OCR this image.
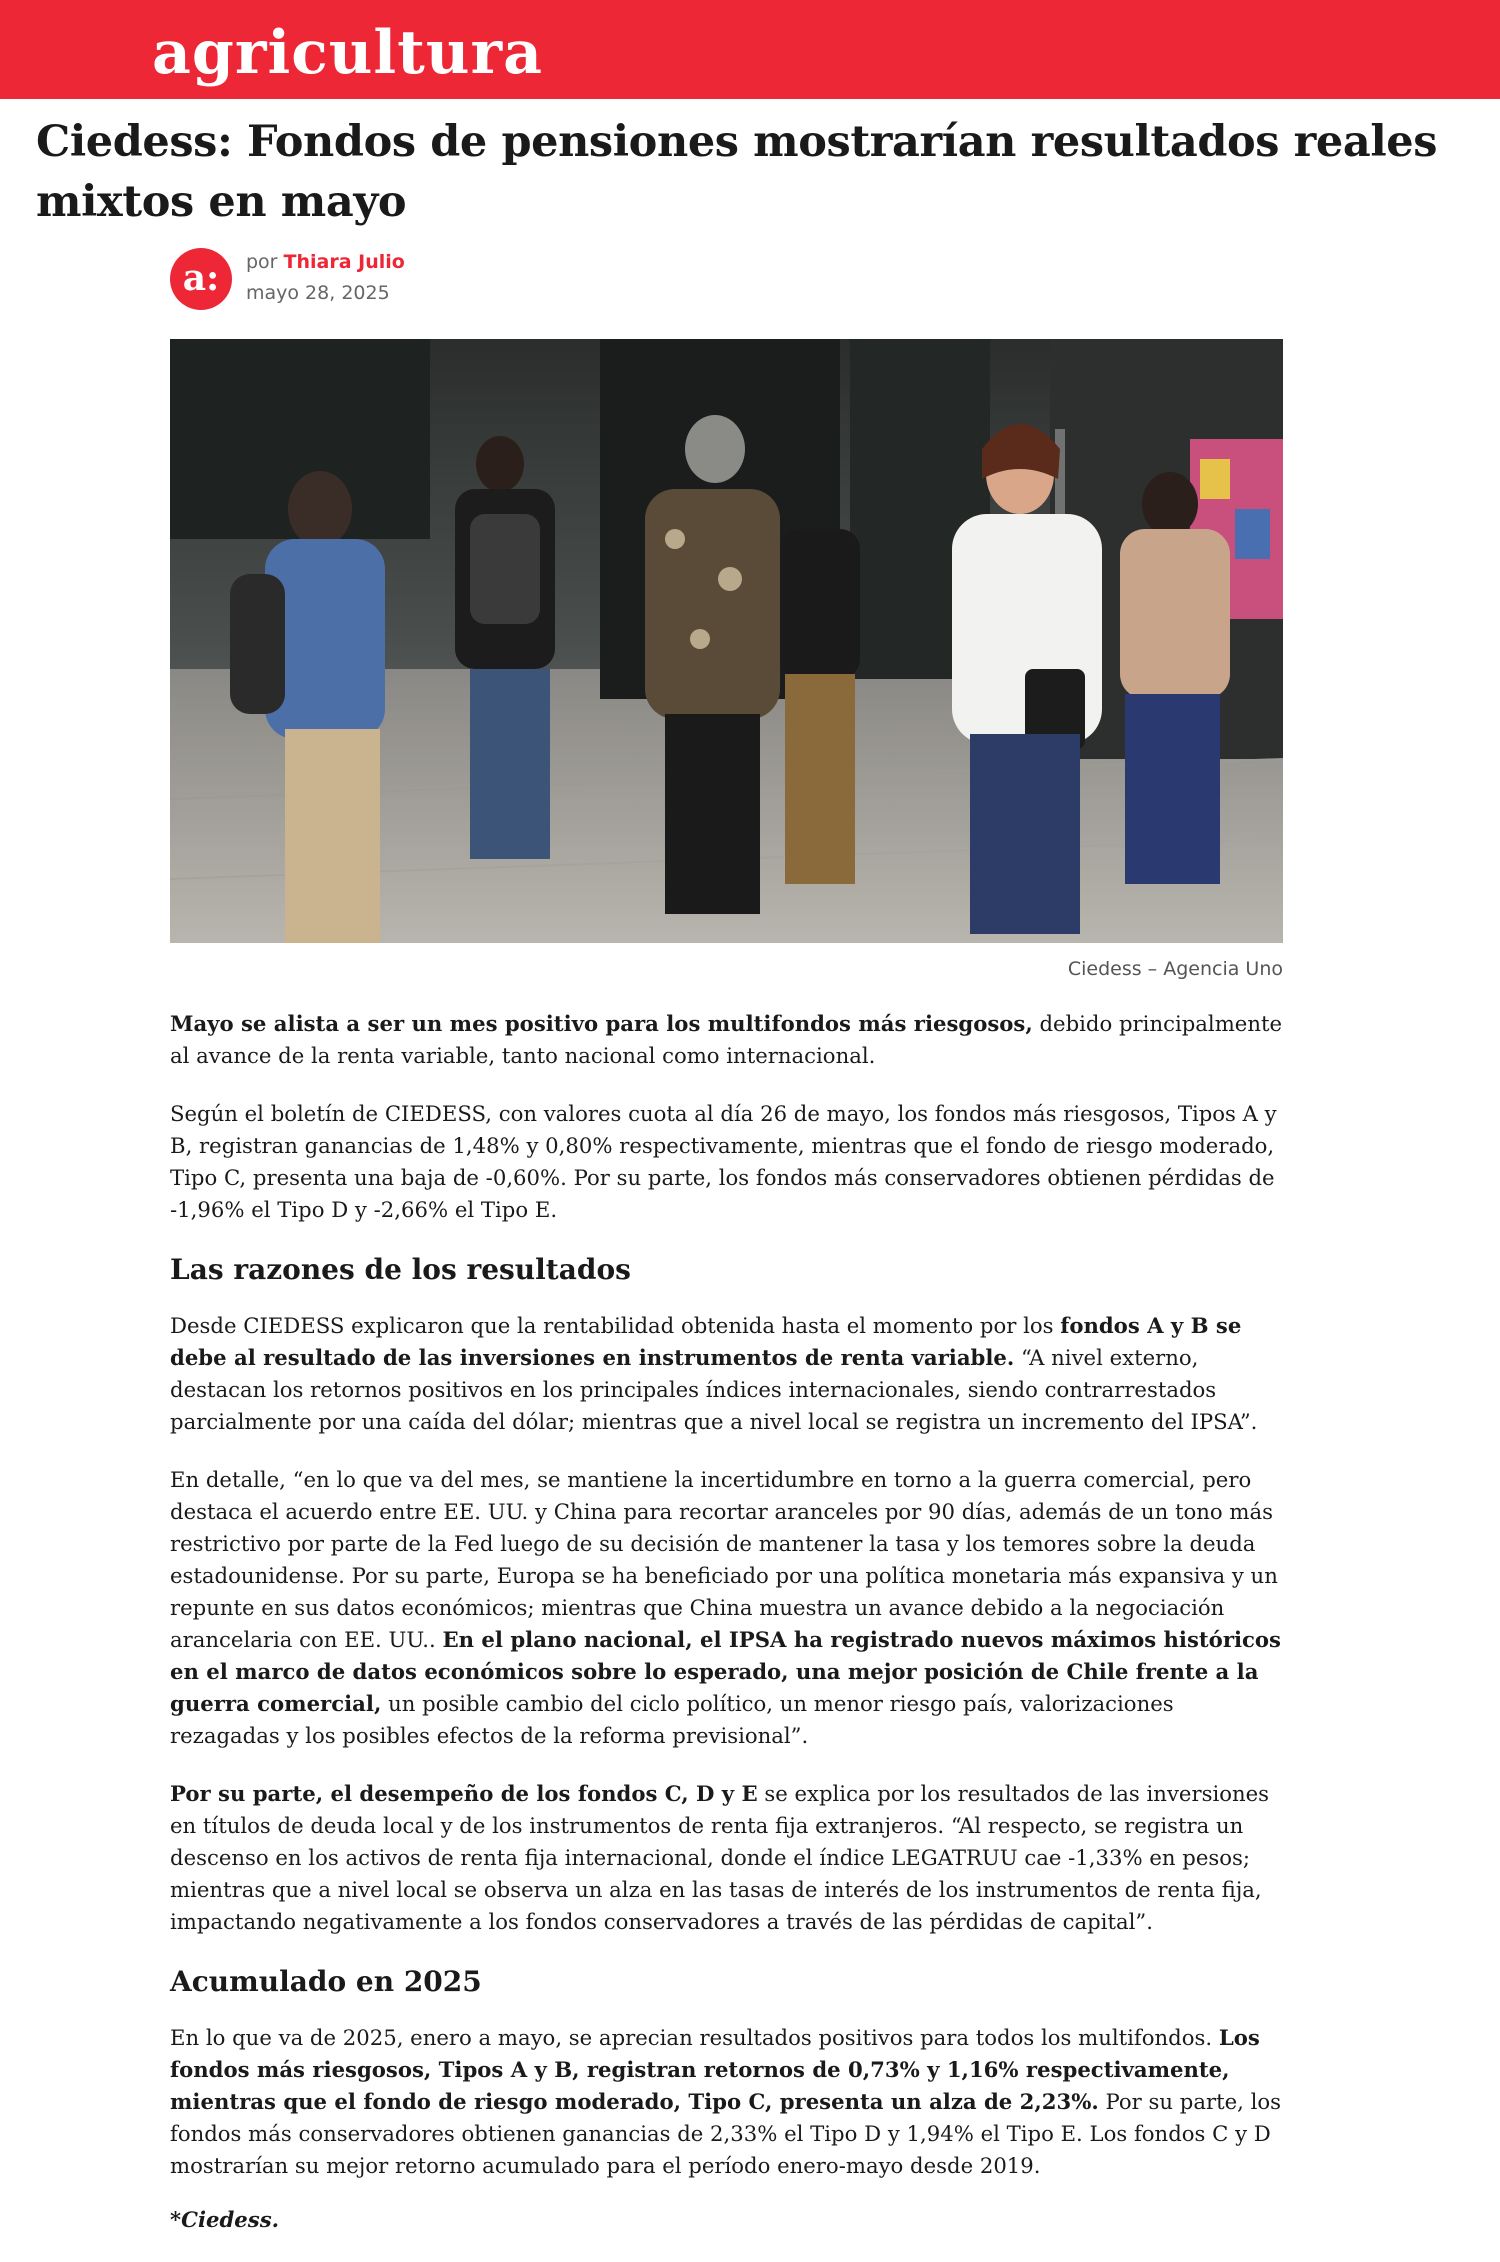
agricultura
Ciedess: Fondos de pensiones mostrarían resultados reales mixtos en mayo
a:	por Thiara Julio
mayo 28, 2025
Ciedess – Agencia Uno

Mayo se alista a ser un mes positivo para los multifondos más riesgosos, debido principalmente al avance de la renta variable, tanto nacional como internacional.

Según el boletín de CIEDESS, con valores cuota al día 26 de mayo, los fondos más riesgosos, Tipos A y B, registran ganancias de 1,48% y 0,80% respectivamente, mientras que el fondo de riesgo moderado, Tipo C, presenta una baja de -0,60%. Por su parte, los fondos más conservadores obtienen pérdidas de -1,96% el Tipo D y -2,66% el Tipo E.

Las razones de los resultados

Desde CIEDESS explicaron que la rentabilidad obtenida hasta el momento por los fondos A y B se debe al resultado de las inversiones en instrumentos de renta variable. “A nivel externo, destacan los retornos positivos en los principales índices internacionales, siendo contrarrestados parcialmente por una caída del dólar; mientras que a nivel local se registra un incremento del IPSA”.

En detalle, “en lo que va del mes, se mantiene la incertidumbre en torno a la guerra comercial, pero destaca el acuerdo entre EE. UU. y China para recortar aranceles por 90 días, además de un tono más restrictivo por parte de la Fed luego de su decisión de mantener la tasa y los temores sobre la deuda estadounidense. Por su parte, Europa se ha beneficiado por una política monetaria más expansiva y un repunte en sus datos económicos; mientras que China muestra un avance debido a la negociación arancelaria con EE. UU.. En el plano nacional, el IPSA ha registrado nuevos máximos históricos en el marco de datos económicos sobre lo esperado, una mejor posición de Chile frente a la guerra comercial, un posible cambio del ciclo político, un menor riesgo país, valorizaciones rezagadas y los posibles efectos de la reforma previsional”.

Por su parte, el desempeño de los fondos C, D y E se explica por los resultados de las inversiones en títulos de deuda local y de los instrumentos de renta fija extranjeros. “Al respecto, se registra un descenso en los activos de renta fija internacional, donde el índice LEGATRUU cae -1,33% en pesos; mientras que a nivel local se observa un alza en las tasas de interés de los instrumentos de renta fija, impactando negativamente a los fondos conservadores a través de las pérdidas de capital”.

Acumulado en 2025

En lo que va de 2025, enero a mayo, se aprecian resultados positivos para todos los multifondos. Los fondos más riesgosos, Tipos A y B, registran retornos de 0,73% y 1,16% respectivamente, mientras que el fondo de riesgo moderado, Tipo C, presenta un alza de 2,23%. Por su parte, los fondos más conservadores obtienen ganancias de 2,33% el Tipo D y 1,94% el Tipo E. Los fondos C y D mostrarían su mejor retorno acumulado para el período enero-mayo desde 2019.

*Ciedess.
